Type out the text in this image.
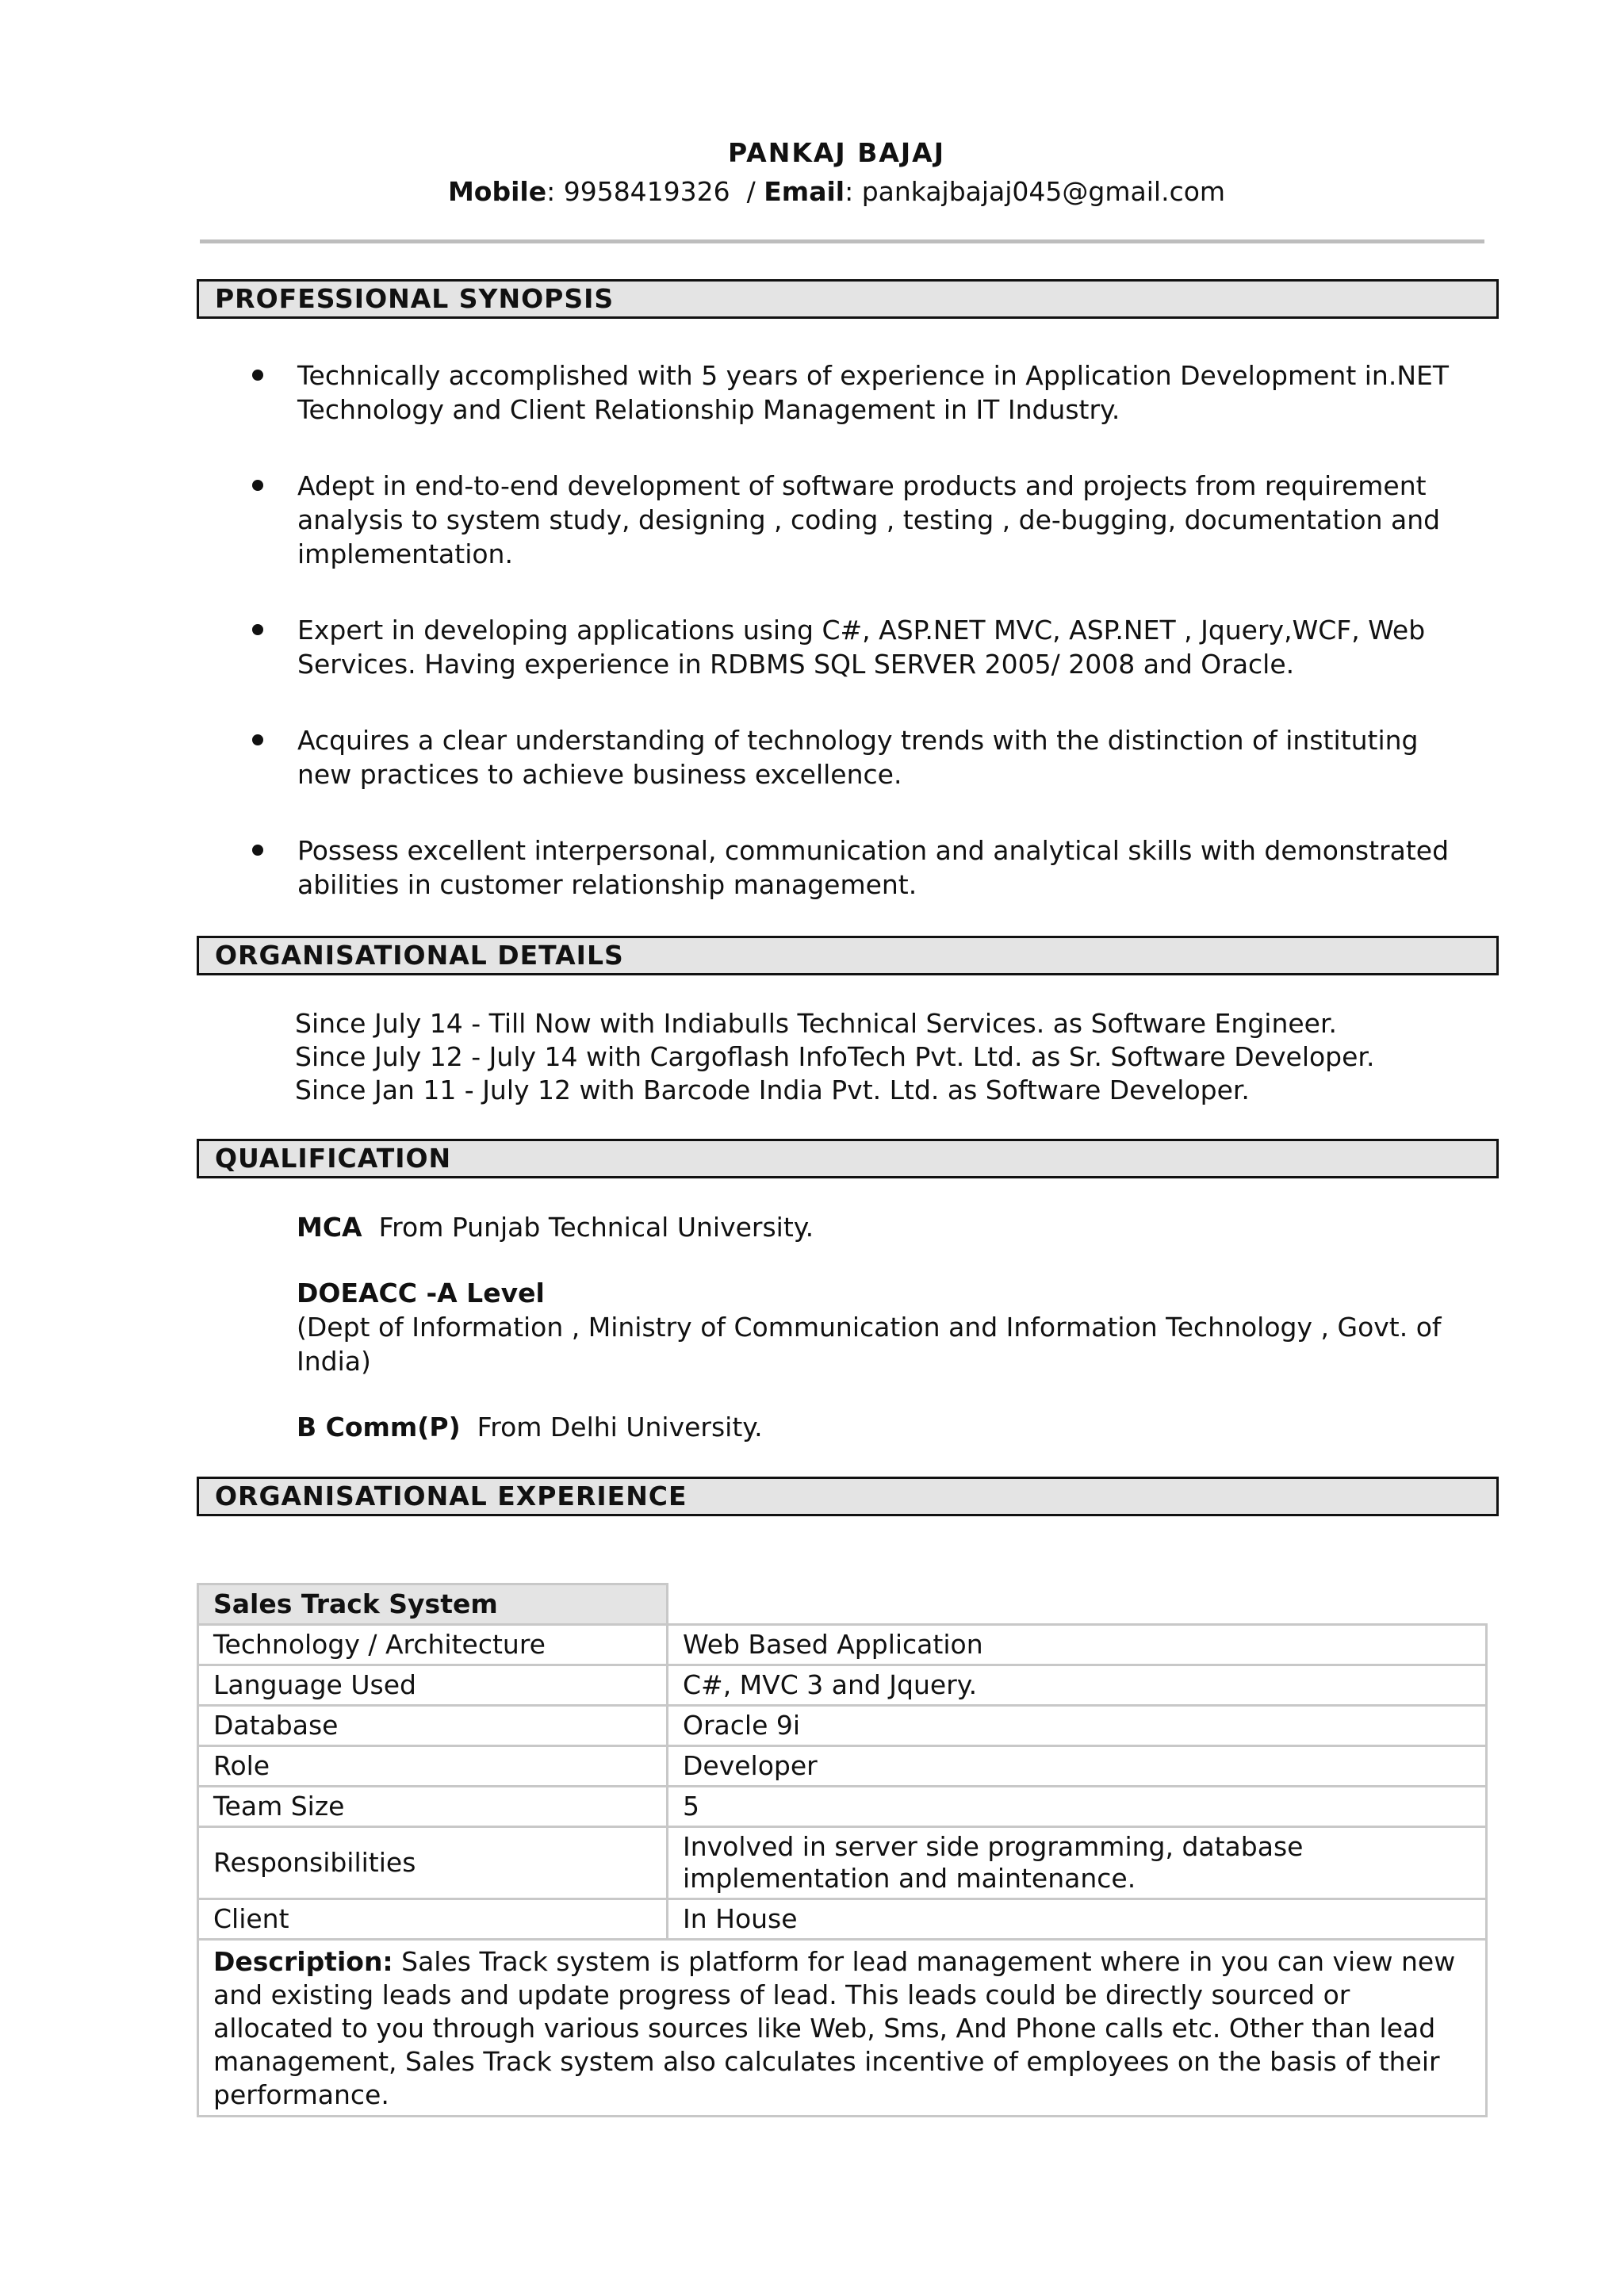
PANKAJ BAJAJ
Mobile: 9958419326  / Email: pankajbajaj045@gmail.com
PROFESSIONAL SYNOPSIS
Technically accomplished with 5 years of experience in Application Development in.NET Technology and Client Relationship Management in IT Industry.
Adept in end-to-end development of software products and projects from requirement analysis to system study, designing , coding , testing , de-bugging, documentation and implementation.
Expert in developing applications using C#, ASP.NET MVC, ASP.NET , Jquery,WCF, Web Services. Having experience in RDBMS SQL SERVER 2005/ 2008 and Oracle.
Acquires a clear understanding of technology trends with the distinction of instituting new practices to achieve business excellence.
Possess excellent interpersonal, communication and analytical skills with demonstrated abilities in customer relationship management.
ORGANISATIONAL DETAILS
Since July 14 - Till Now with Indiabulls Technical Services. as Software Engineer.
Since July 12 - July 14 with Cargoflash InfoTech Pvt. Ltd. as Sr. Software Developer.
Since Jan 11 - July 12 with Barcode India Pvt. Ltd. as Software Developer.
QUALIFICATION
MCA From Punjab Technical University.
DOEACC -A Level
(Dept of Information , Ministry of Communication and Information Technology , Govt. of India)
B Comm(P) From Delhi University.
ORGANISATIONAL EXPERIENCE
Sales Track System	
Technology / Architecture	Web Based Application
Language Used	C#, MVC 3 and Jquery.
Database	Oracle 9i
Role	Developer
Team Size	5
Responsibilities	Involved in server side programming, database implementation and maintenance.
Client	In House
Description: Sales Track system is platform for lead management where in you can view new and existing leads and update progress of lead. This leads could be directly sourced or allocated to you through various sources like Web, Sms, And Phone calls etc. Other than lead management, Sales Track system also calculates incentive of employees on the basis of their performance.	
